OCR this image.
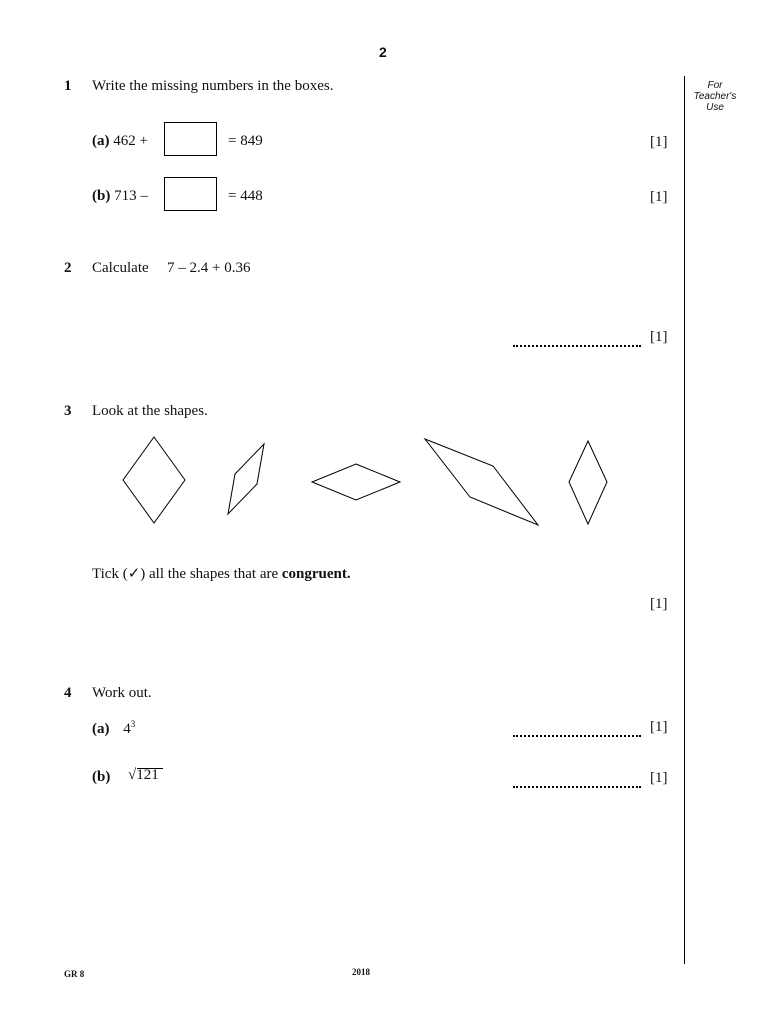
2
For Teacher's Use
1 Write the missing numbers in the boxes.
(a) 462 +	= 849	[1]
(b) 713 –	= 448	[1]
2 Calculate 7 – 2.4 + 0.36
[1]
3 Look at the shapes.
Tick (✓) all the shapes that are congruent.
[1]
4 Work out.
(a) $4^3$	[1]
(b) √121	[1]
GR 8	2018
